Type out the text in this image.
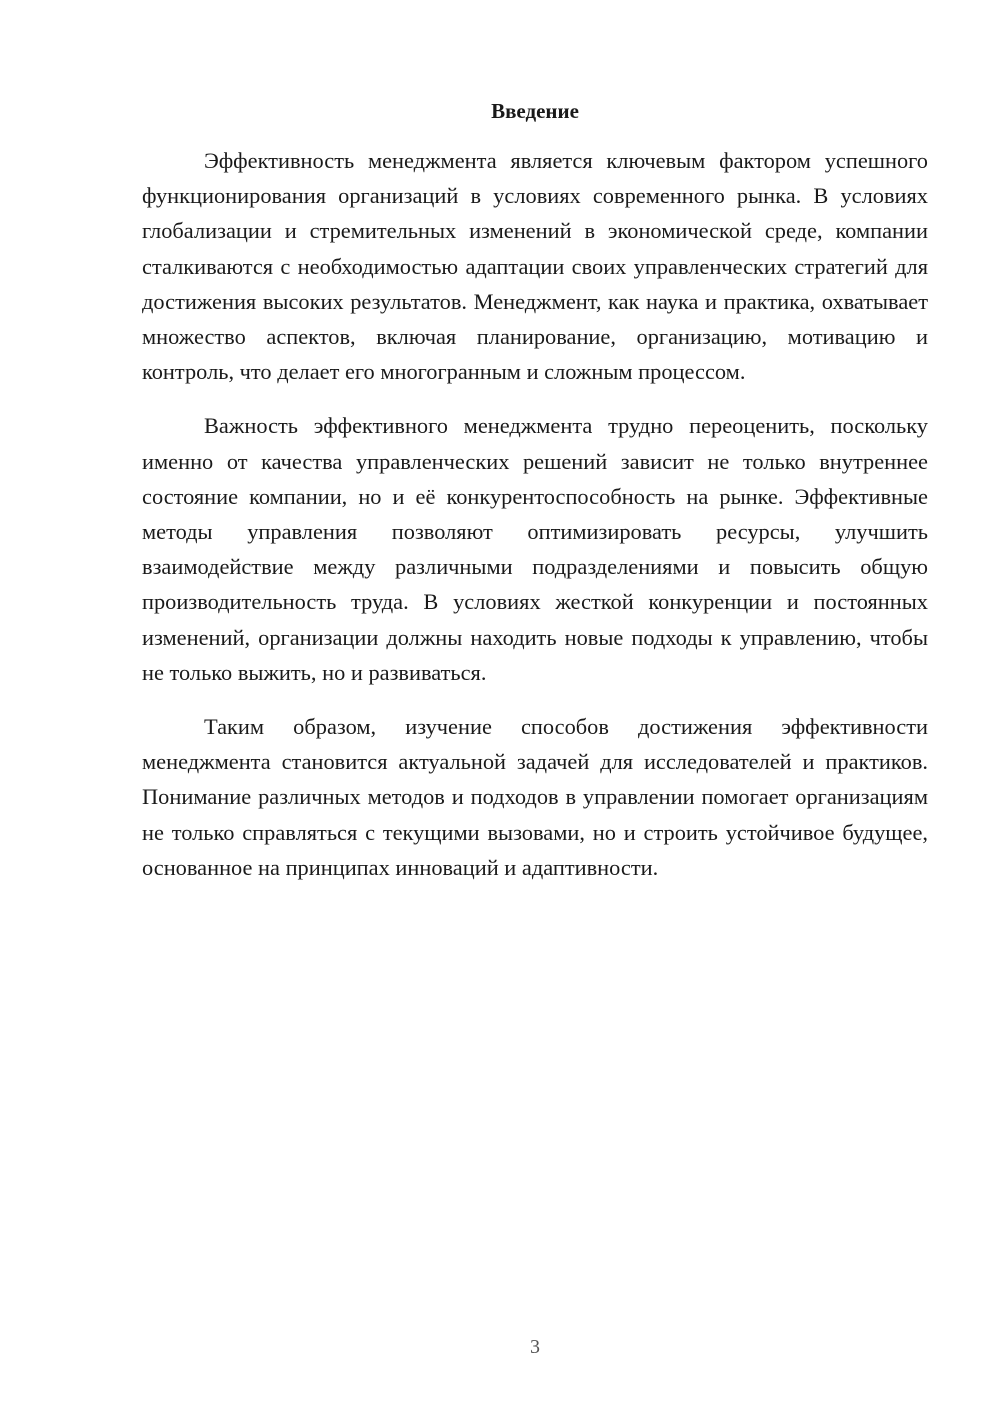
Введение

Эффективность менеджмента является ключевым фактором успешного функционирования организаций в условиях современного рынка. В условиях глобализации и стремительных изменений в экономической среде, компании сталкиваются с необходимостью адаптации своих управленческих стратегий для достижения высоких результатов. Менеджмент, как наука и практика, охватывает множество аспектов, включая планирование, организацию, мотивацию и контроль, что делает его многогранным и сложным процессом.

Важность эффективного менеджмента трудно переоценить, поскольку именно от качества управленческих решений зависит не только внутреннее состояние компании, но и её конкурентоспособность на рынке. Эффективные методы управления позволяют оптимизировать ресурсы, улучшить взаимодействие между различными подразделениями и повысить общую производительность труда. В условиях жесткой конкуренции и постоянных изменений, организации должны находить новые подходы к управлению, чтобы не только выжить, но и развиваться.

Таким образом, изучение способов достижения эффективности менеджмента становится актуальной задачей для исследователей и практиков. Понимание различных методов и подходов в управлении помогает организациям не только справляться с текущими вызовами, но и строить устойчивое будущее, основанное на принципах инноваций и адаптивности.

3
